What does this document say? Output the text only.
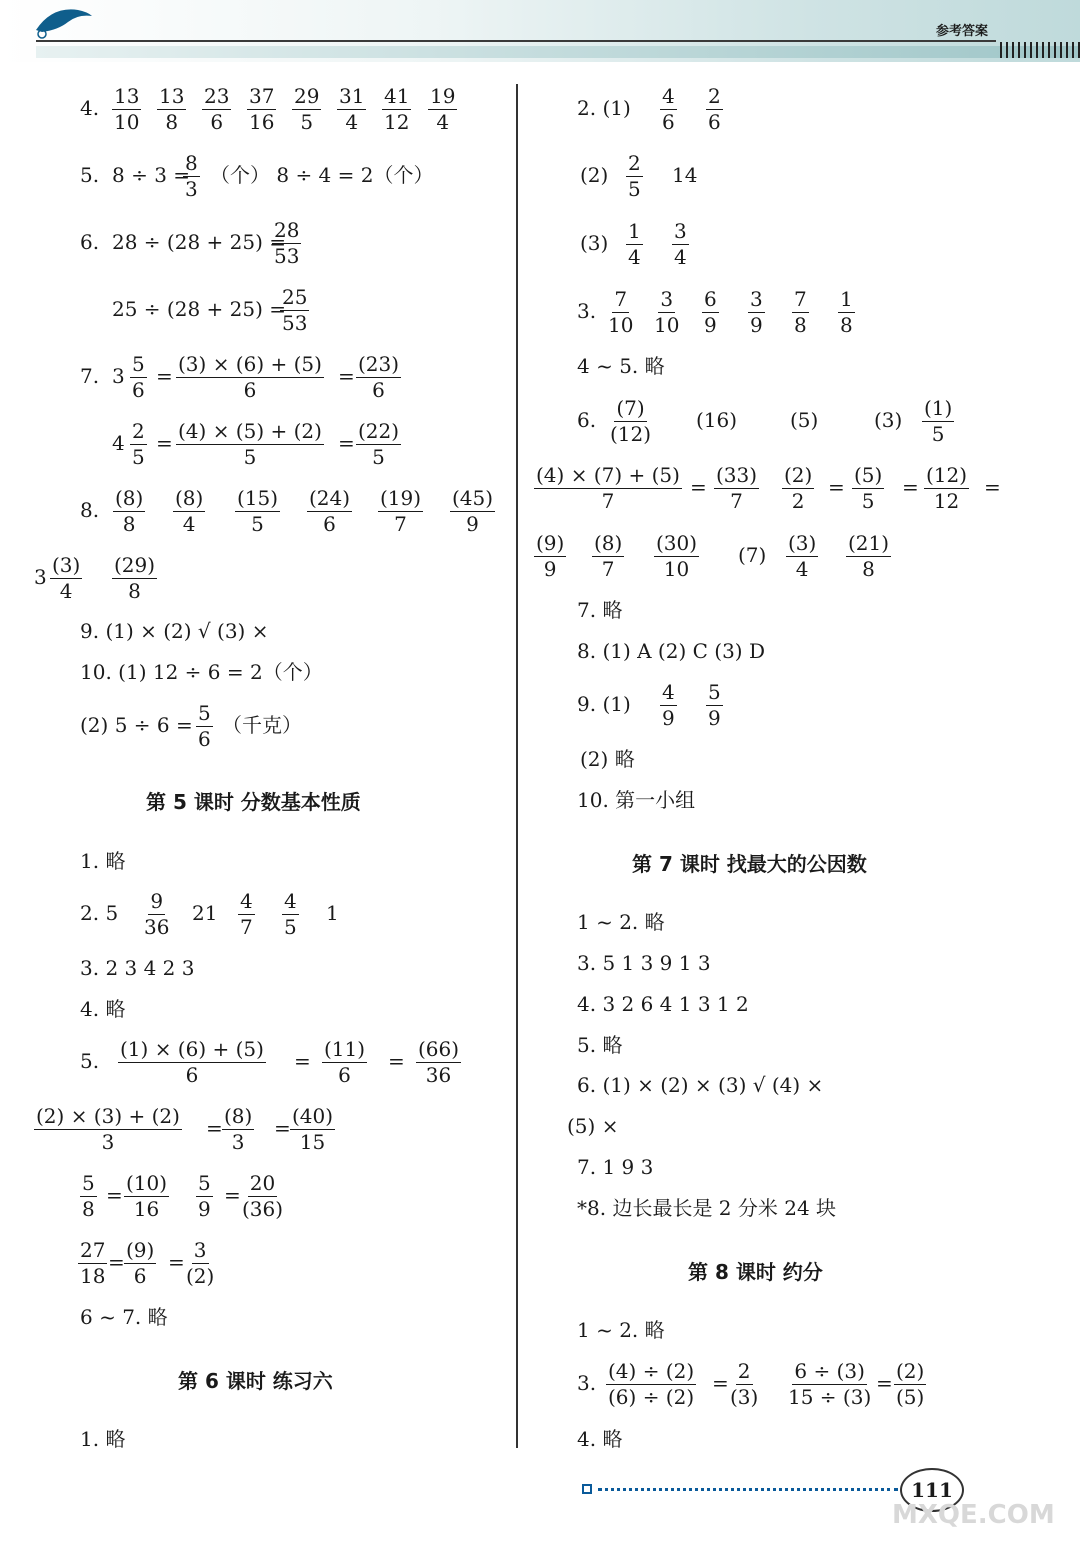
参考答案
4. 13
10
13
8
23
6
37
16
29
5
31
4
41
12
19
4
5. 8 ÷ 3 =
8
3
（个） 8 ÷ 4 = 2（个）
6. 28 ÷ (28 + 25) =
28
53
25 ÷ (28 + 25) =
25
53
7. 3 5
6
= (3) × (6) + (5)
6
= (23)
6
4 2
5
= (4) × (5) + (2)
5
= (22)
5
8. (8)
8
(8)
4
(15)
5
(24)
6
(19)
7
(45)
9
3 (3)
4
(29)
8
9. (1) × (2) √ (3) ×
10. (1) 12 ÷ 6 = 2（个）
(2) 5 ÷ 6 = 5
6
（千克）
第 5 课时 分数基本性质
1. 略
2. 5 9
36
21 4
7
4
5
1
3. 2 3 4 2 3
4. 略
5. (1) × (6) + (5)
6
= (11)
6
= (66)
36
(2) × (3) + (2)
3
= (8)
3
= (40)
15
5
8
= (10)
16
5
9
= 20
(36)
27
18
= (9)
6
= 3
(2)
6 ~ 7. 略
第 6 课时 练习六
1. 略
2. (1) 4
6
2
6
(2) 2
5
14
(3) 1
4
3
4
3. 7
10
3
10
6
9
3
9
7
8
1
8
4 ~ 5. 略
6. (7)
(12)
(16)	(5)	(3) (1)
5
(4) × (7) + (5)
7
= (33)
7
(2)
2
= (5)
5
= (12)
12
=
(9)
9
(8)
7
(30)
10
(7) (3)
4
(21)
8
7. 略
8. (1) A (2) C (3) D
9. (1) 4
9
5
9
(2) 略
10. 第一小组
第 7 课时 找最大的公因数
1 ~ 2. 略
3. 5 1 3 9 1 3
4. 3 2 6 4 1 3 1 2
5. 略
6. (1) × (2) × (3) √ (4) ×
(5) ×
7. 1 9 3
*8. 边长最长是 2 分米 24 块
第 8 课时 约分
1 ~ 2. 略
3. (4) ÷ (2)
(6) ÷ (2)
= 2
(3)
6 ÷ (3)
15 ÷ (3)
= (2)
(5)
4. 略
111
MXQE.COM
